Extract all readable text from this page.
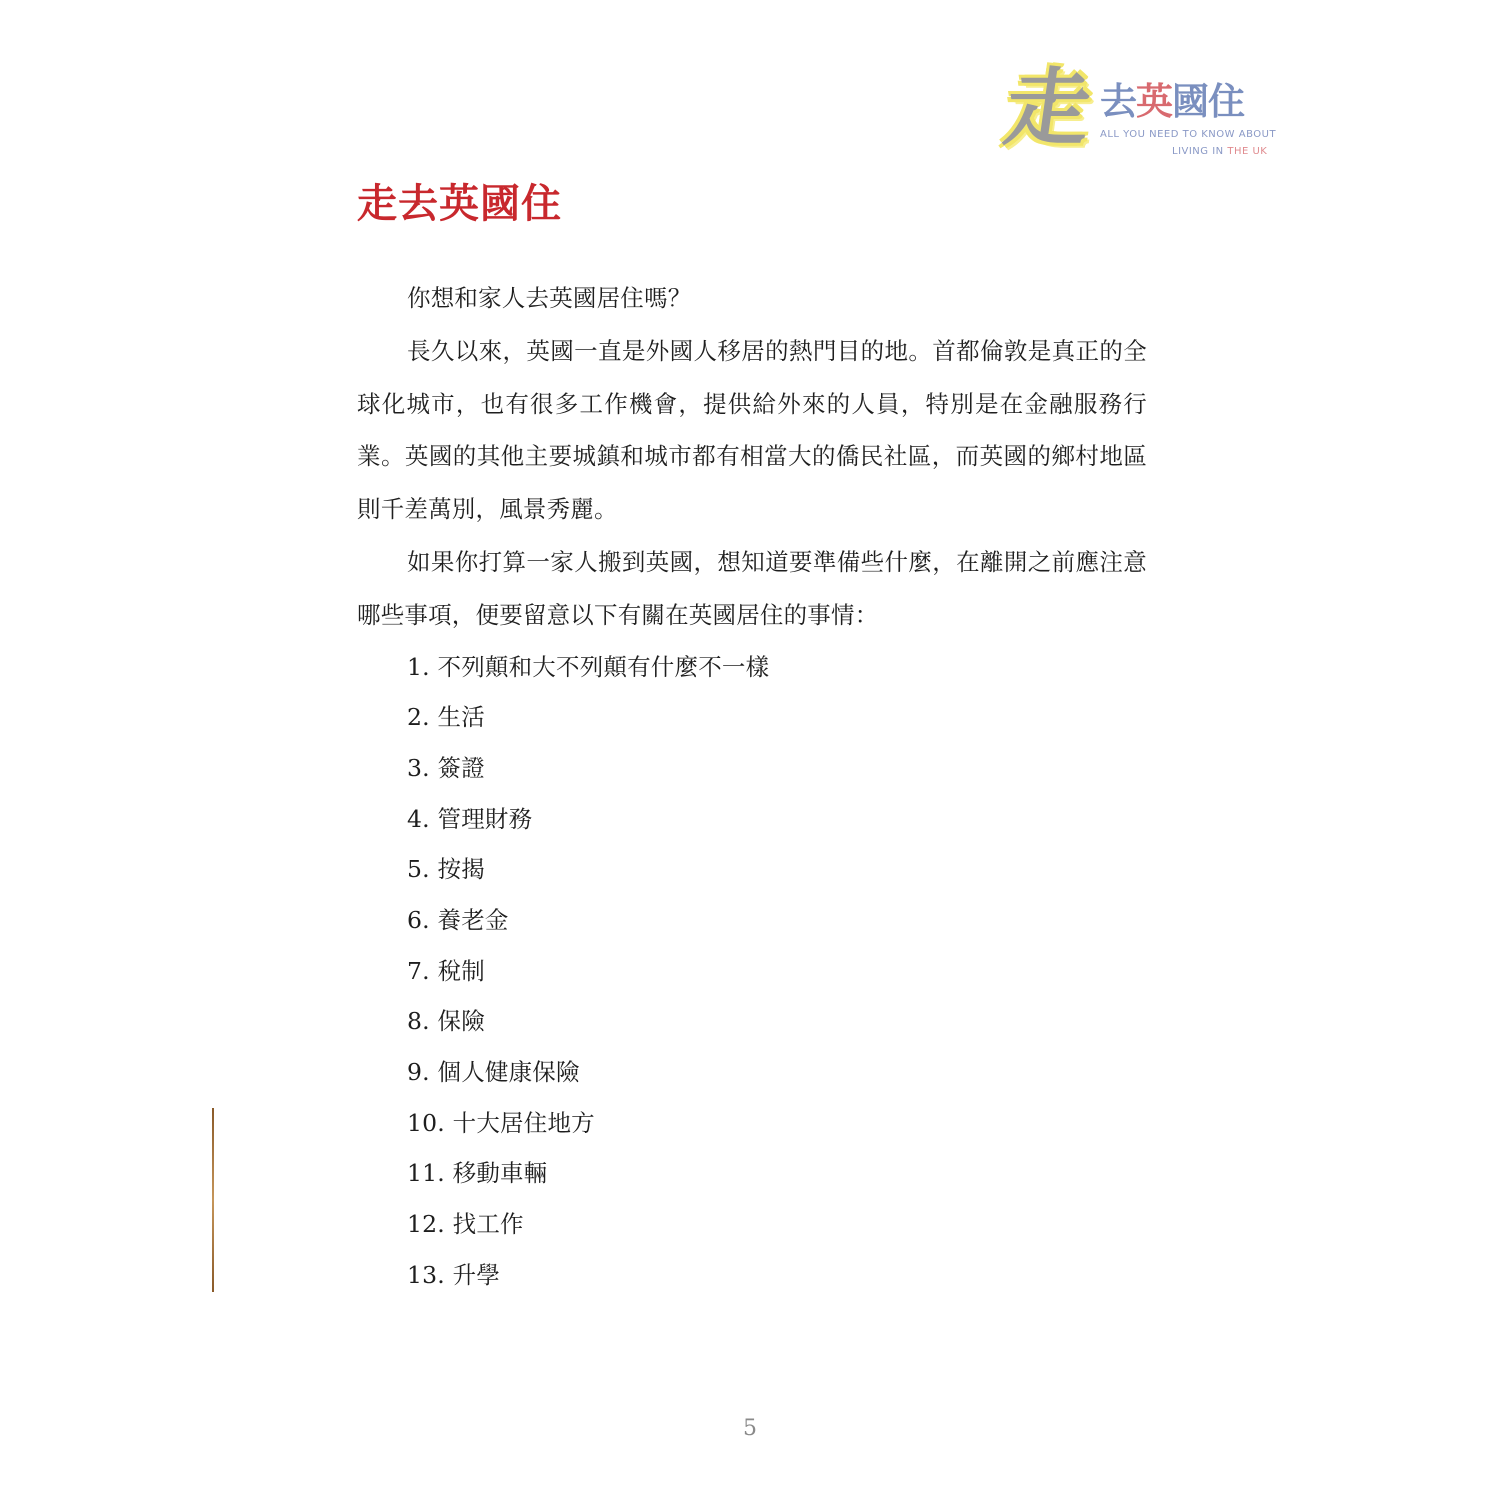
走 去英國住
ALL YOU NEED TO KNOW ABOUT
LIVING IN THE UK
走去英國住

你想和家人去英國居住嗎？

長久以來，英國一直是外國人移居的熱門目的地。首都倫敦是真正的全球化城市，也有很多工作機會，提供給外來的人員，特別是在金融服務行業。英國的其他主要城鎮和城市都有相當大的僑民社區，而英國的鄉村地區則千差萬別，風景秀麗。

如果你打算一家人搬到英國，想知道要準備些什麼，在離開之前應注意哪些事項，便要留意以下有關在英國居住的事情：

1. 不列顛和大不列顛有什麼不一樣
2. 生活
3. 簽證
4. 管理財務
5. 按揭
6. 養老金
7. 稅制
8. 保險
9. 個人健康保險
10. 十大居住地方
11. 移動車輛
12. 找工作
13. 升學
5
